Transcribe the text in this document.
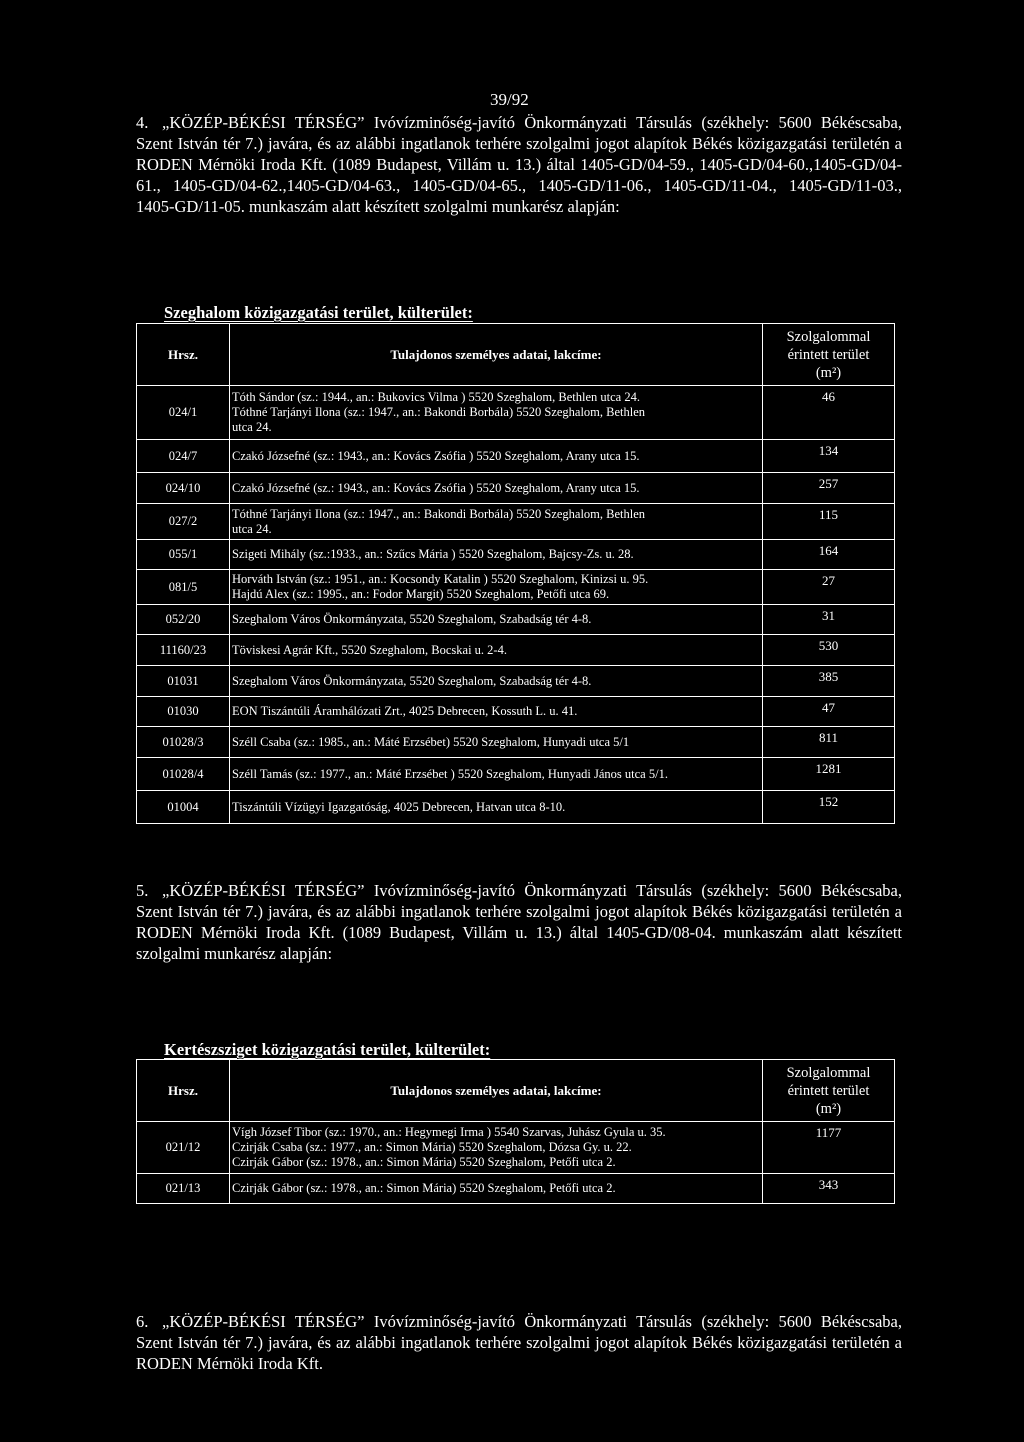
39/92

4. „KÖZÉP-BÉKÉSI TÉRSÉG” Ivóvízminőség-javító Önkormányzati Társulás (székhely: 5600 Békéscsaba, Szent István tér 7.) javára, és az alábbi ingatlanok terhére szolgalmi jogot alapítok Békés közigazgatási területén a RODEN Mérnöki Iroda Kft. (1089 Budapest, Villám u. 13.) által 1405-GD/04-59., 1405-GD/04-60.,1405-GD/04-61., 1405-GD/04-62.,1405-GD/04-63., 1405-GD/04-65., 1405-GD/11-06., 1405-GD/11-04., 1405-GD/11-03., 1405-GD/11-05. munkaszám alatt készített szolgalmi munkarész alapján:

Szeghalom közigazgatási terület, külterület:
Hrsz.	Tulajdonos személyes adatai, lakcíme:	Szolgalommal
érintett terület
(m²)

024/1	Tóth Sándor (sz.: 1944., an.: Bukovics Vilma ) 5520 Szeghalom, Bethlen utca 24.
Tóthné Tarjányi Ilona (sz.: 1947., an.: Bakondi Borbála) 5520 Szeghalom, Bethlen
utca 24.	46
024/7	Czakó Józsefné (sz.: 1943., an.: Kovács Zsófia ) 5520 Szeghalom, Arany utca 15.	134
024/10	Czakó Józsefné (sz.: 1943., an.: Kovács Zsófia ) 5520 Szeghalom, Arany utca 15.	257
027/2	Tóthné Tarjányi Ilona (sz.: 1947., an.: Bakondi Borbála) 5520 Szeghalom, Bethlen
utca 24.	115
055/1	Szigeti Mihály (sz.:1933., an.: Szűcs Mária ) 5520 Szeghalom, Bajcsy-Zs. u. 28.	164
081/5	Horváth István (sz.: 1951., an.: Kocsondy Katalin ) 5520 Szeghalom, Kinizsi u. 95.
Hajdú Alex (sz.: 1995., an.: Fodor Margit) 5520 Szeghalom, Petőfi utca 69.	27
052/20	Szeghalom Város Önkormányzata, 5520 Szeghalom, Szabadság tér 4-8.	31
11160/23	Töviskesi Agrár Kft., 5520 Szeghalom, Bocskai u. 2-4.	530
01031	Szeghalom Város Önkormányzata, 5520 Szeghalom, Szabadság tér 4-8.	385
01030	EON Tiszántúli Áramhálózati Zrt., 4025 Debrecen, Kossuth L. u. 41.	47
01028/3	Széll Csaba (sz.: 1985., an.: Máté Erzsébet) 5520 Szeghalom, Hunyadi utca 5/1	811
01028/4	Széll Tamás (sz.: 1977., an.: Máté Erzsébet ) 5520 Szeghalom, Hunyadi János utca 5/1.	1281
01004	Tiszántúli Vízügyi Igazgatóság, 4025 Debrecen, Hatvan utca 8-10.	152

5. „KÖZÉP-BÉKÉSI TÉRSÉG” Ivóvízminőség-javító Önkormányzati Társulás (székhely: 5600 Békéscsaba, Szent István tér 7.) javára, és az alábbi ingatlanok terhére szolgalmi jogot alapítok Békés közigazgatási területén a RODEN Mérnöki Iroda Kft. (1089 Budapest, Villám u. 13.) által 1405-GD/08-04. munkaszám alatt készített szolgalmi munkarész alapján:

Kertészsziget közigazgatási terület, külterület:
Hrsz.	Tulajdonos személyes adatai, lakcíme:	Szolgalommal
érintett terület
(m²)

021/12	Vígh József Tibor (sz.: 1970., an.: Hegymegi Irma ) 5540 Szarvas, Juhász Gyula u. 35.
Czirják Csaba (sz.: 1977., an.: Simon Mária) 5520 Szeghalom, Dózsa Gy. u. 22.
Czirják Gábor (sz.: 1978., an.: Simon Mária) 5520 Szeghalom, Petőfi utca 2.	1177
021/13	Czirják Gábor (sz.: 1978., an.: Simon Mária) 5520 Szeghalom, Petőfi utca 2.	343

6. „KÖZÉP-BÉKÉSI TÉRSÉG” Ivóvízminőség-javító Önkormányzati Társulás (székhely: 5600 Békéscsaba, Szent István tér 7.) javára, és az alábbi ingatlanok terhére szolgalmi jogot alapítok Békés közigazgatási területén a RODEN Mérnöki Iroda Kft.
